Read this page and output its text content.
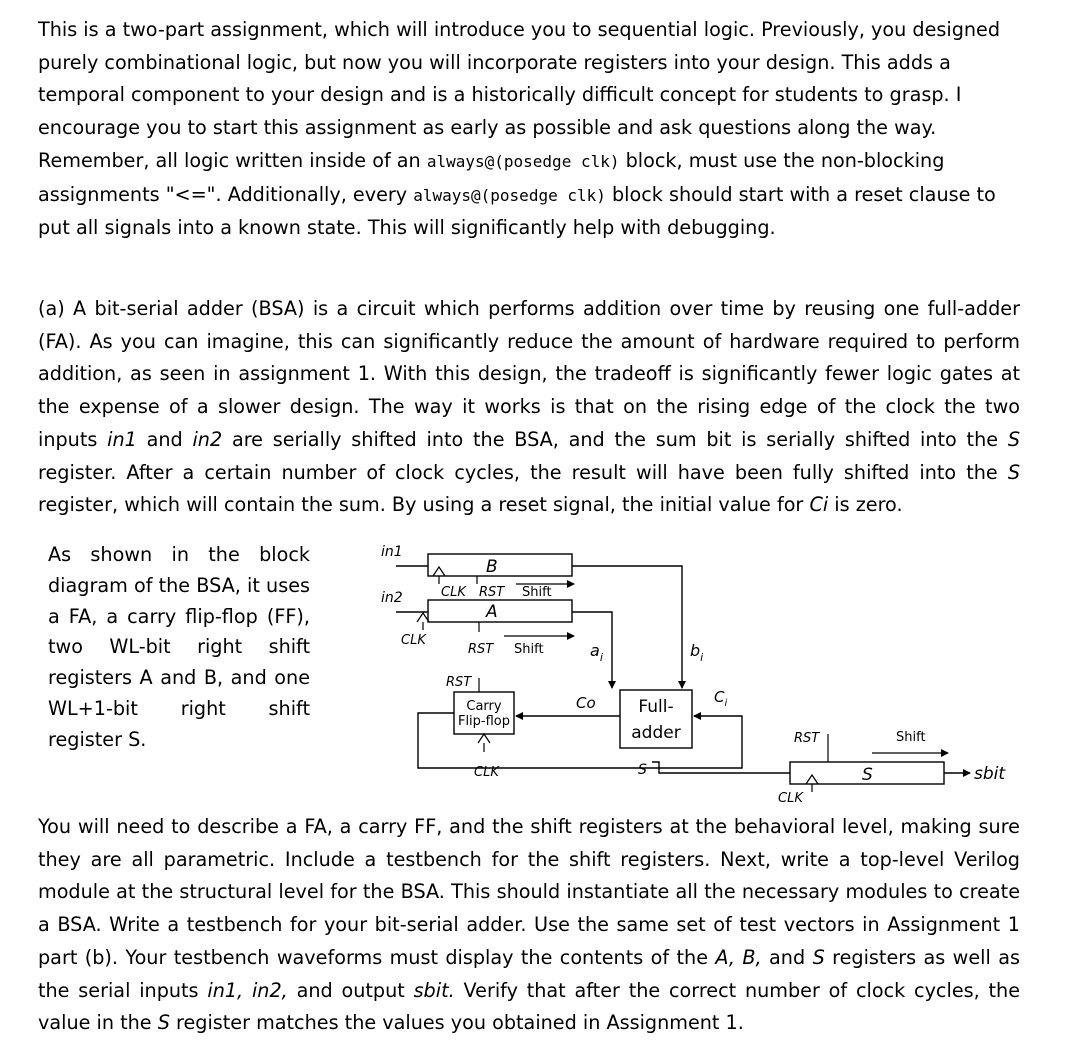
This is a two-part assignment, which will introduce you to sequential logic. Previously, you designed purely combinational logic, but now you will incorporate registers into your design. This adds a temporal component to your design and is a historically difficult concept for students to grasp. I encourage you to start this assignment as early as possible and ask questions along the way. Remember, all logic written inside of an always@(posedge clk) block, must use the non-blocking assignments "<=". Additionally, every always@(posedge clk) block should start with a reset clause to put all signals into a known state. This will significantly help with debugging.

(a) A bit-serial adder (BSA) is a circuit which performs addition over time by reusing one full-adder (FA). As you can imagine, this can significantly reduce the amount of hardware required to perform addition, as seen in assignment 1. With this design, the tradeoff is significantly fewer logic gates at the expense of a slower design. The way it works is that on the rising edge of the clock the two inputs in1 and in2 are serially shifted into the BSA, and the sum bit is serially shifted into the S register. After a certain number of clock cycles, the result will have been fully shifted into the S register, which will contain the sum. By using a reset signal, the initial value for Ci is zero.

As shown in the block diagram of the BSA, it uses a FA, a carry flip-flop (FF), two WL-bit right shift registers A and B, and one WL+1-bit right shift register S.

in1
in2
B
CLK RST Shift
A
CLK
RST Shift	$a_i$	$b_i$
RST
Carry
Flip-flop
CLK
Co	Full-
adder
$C_i$
S
RST	Shift
S
CLK
sbit

You will need to describe a FA, a carry FF, and the shift registers at the behavioral level, making sure they are all parametric. Include a testbench for the shift registers. Next, write a top-level Verilog module at the structural level for the BSA. This should instantiate all the necessary modules to create a BSA. Write a testbench for your bit-serial adder. Use the same set of test vectors in Assignment 1 part (b). Your testbench waveforms must display the contents of the A, B, and S registers as well as the serial inputs in1, in2, and output sbit. Verify that after the correct number of clock cycles, the value in the S register matches the values you obtained in Assignment 1.
